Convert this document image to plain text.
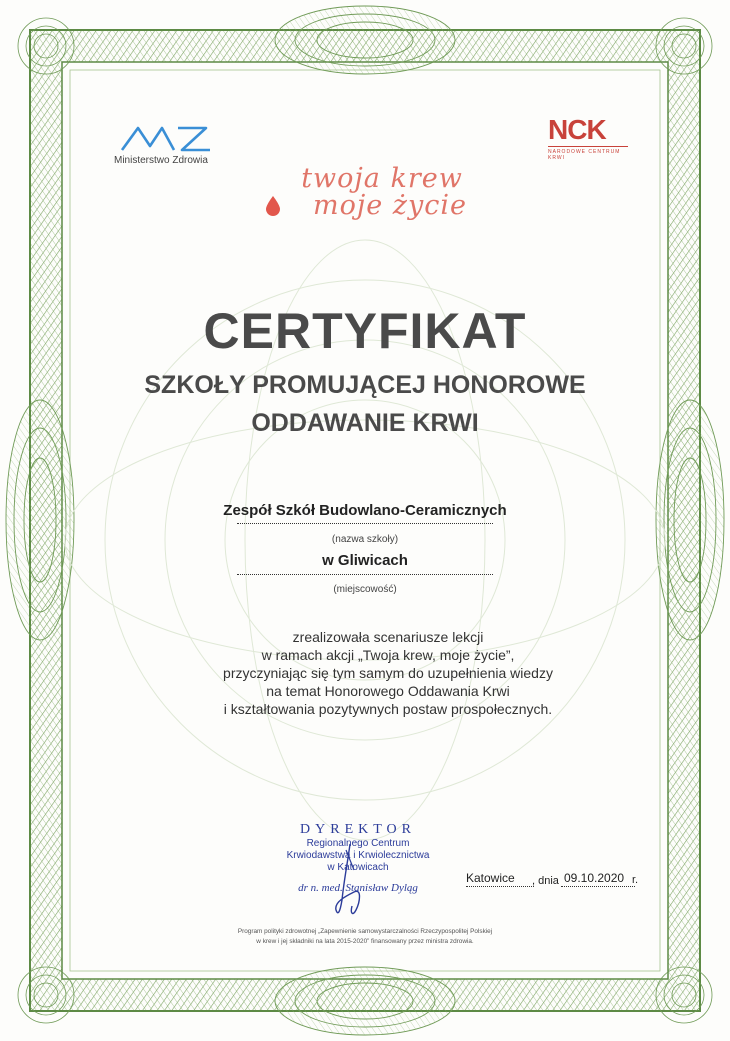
Ministerstwo Zdrowia
NCK
NARODOWE CENTRUM KRWI
twoja krew
moje życie
CERTYFIKAT
SZKOŁY PROMUJĄCEJ HONOROWE
ODDAWANIE KRWI
Zespół Szkół Budowlano-Ceramicznych
(nazwa szkoły)
w Gliwicach
(miejscowość)
zrealizowała scenariusze lekcji
w ramach akcji „Twoja krew, moje życie”,
przyczyniając się tym samym do uzupełnienia wiedzy
na temat Honorowego Oddawania Krwi
i kształtowania pozytywnych postaw prospołecznych.
DYREKTOR
Regionalnego Centrum
Krwiodawstwa i Krwiolecznictwa
w Katowicach
dr n. med. Stanisław Dyląg
Katowice , dnia 09.10.2020 r.
Program polityki zdrowotnej „Zapewnienie samowystarczalności Rzeczypospolitej Polskiej
w krew i jej składniki na lata 2015-2020” finansowany przez ministra zdrowia.
